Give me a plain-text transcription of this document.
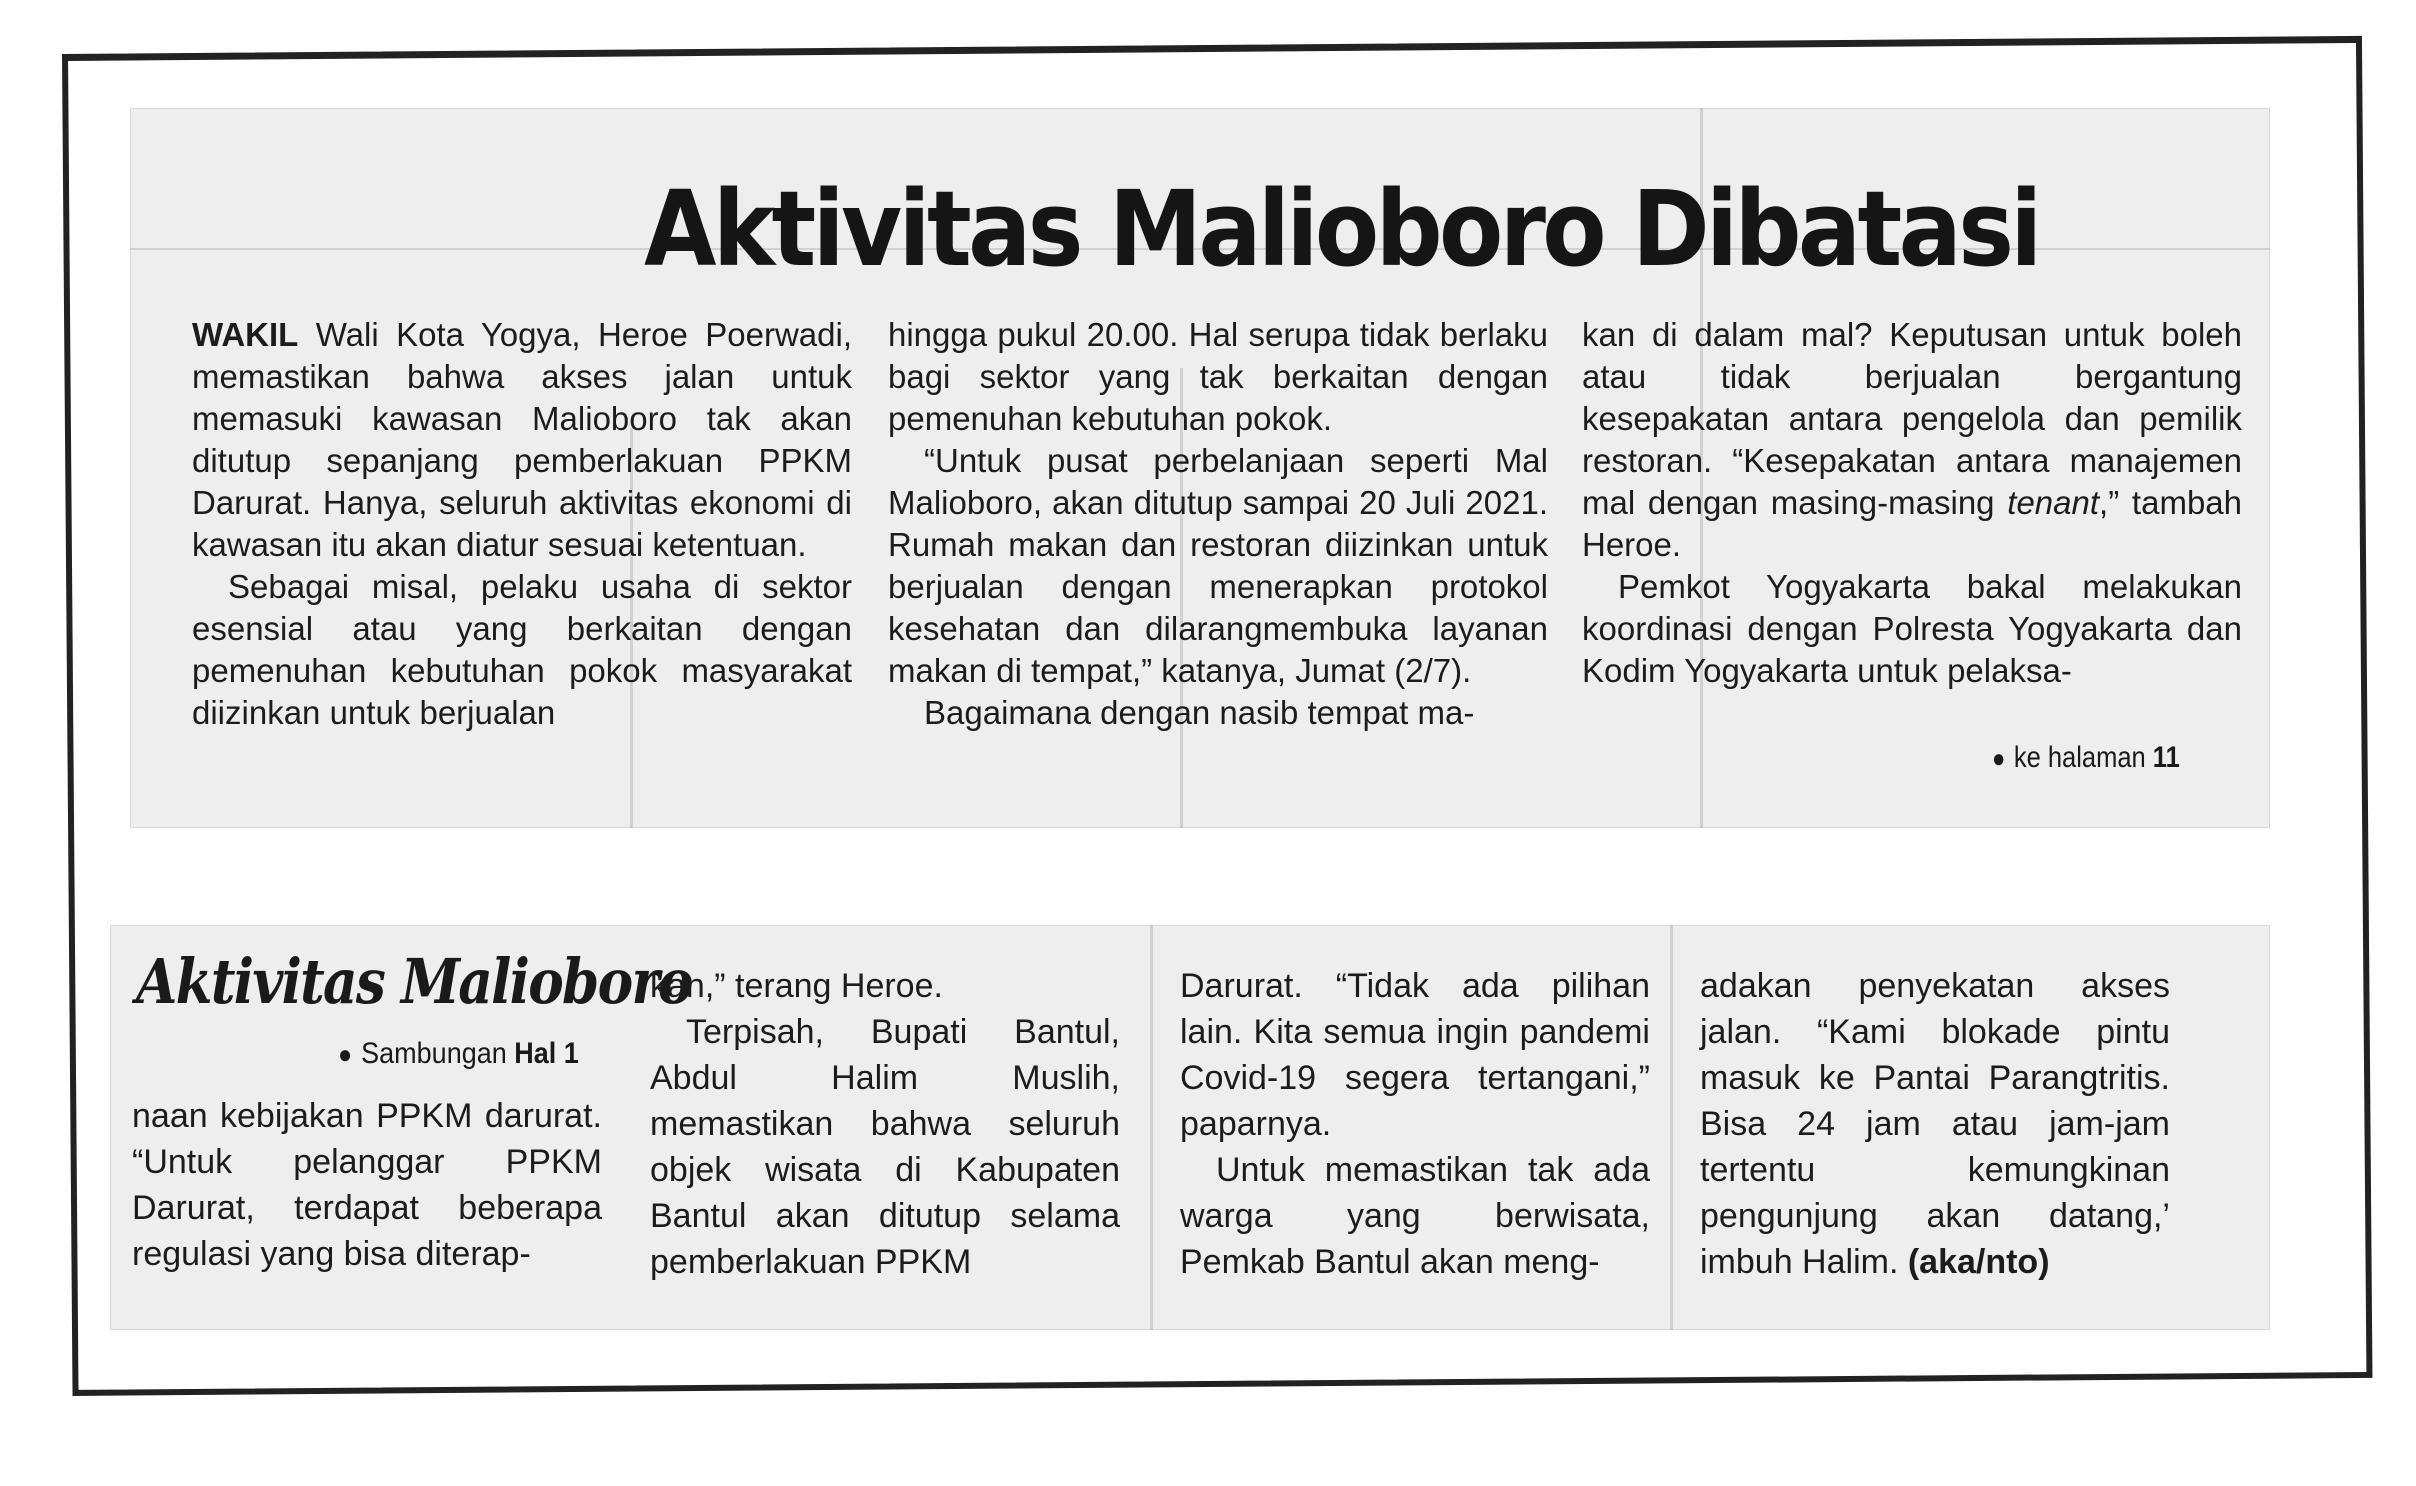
Aktivitas Malioboro Dibatasi

WAKIL Wali Kota Yogya, Heroe Poerwadi, memastikan bahwa akses jalan untuk memasuki kawasan Malioboro tak akan ditutup sepanjang pemberlakuan PPKM Darurat. Hanya, seluruh aktivitas ekonomi di kawasan itu akan diatur sesuai ketentuan.

Sebagai misal, pelaku usaha di sektor esensial atau yang berkaitan dengan pemenuhan kebutuhan pokok masyarakat diizinkan untuk berjualan

hingga pukul 20.00. Hal serupa tidak berlaku bagi sektor yang tak berkaitan dengan pemenuhan kebutuhan pokok.

“Untuk pusat perbelanjaan seperti Mal Malioboro, akan ditutup sampai 20 Juli 2021. Rumah makan dan restoran diizinkan untuk berjualan dengan menerapkan protokol kesehatan dan dilarangmembuka layanan makan di tempat,” katanya, Jumat (2/7).

Bagaimana dengan nasib tempat ma-

kan di dalam mal? Keputusan untuk boleh atau tidak berjualan bergantung kesepakatan antara pengelola dan pemilik restoran. “Kesepakatan antara manajemen mal dengan masing-masing tenant,” tambah Heroe.

Pemkot Yogyakarta bakal melakukan koordinasi dengan Polresta Yogyakarta dan Kodim Yogyakarta untuk pelaksa-

● ke halaman 11
Aktivitas Malioboro
● Sambungan Hal 1

naan kebijakan PPKM darurat. “Untuk pelanggar PPKM Darurat, terdapat beberapa regulasi yang bisa diterap-

kan,” terang Heroe.

Terpisah, Bupati Bantul, Abdul Halim Muslih, memastikan bahwa seluruh objek wisata di Kabupaten Bantul akan ditutup selama pemberlakuan PPKM

Darurat. “Tidak ada pilihan lain. Kita semua ingin pandemi Covid-19 segera tertangani,” paparnya.

Untuk memastikan tak ada warga yang berwisata, Pemkab Bantul akan meng-

adakan penyekatan akses jalan. “Kami blokade pintu masuk ke Pantai Parangtritis. Bisa 24 jam atau jam-jam tertentu kemungkinan pengunjung akan datang,’ imbuh Halim. (aka/nto)
